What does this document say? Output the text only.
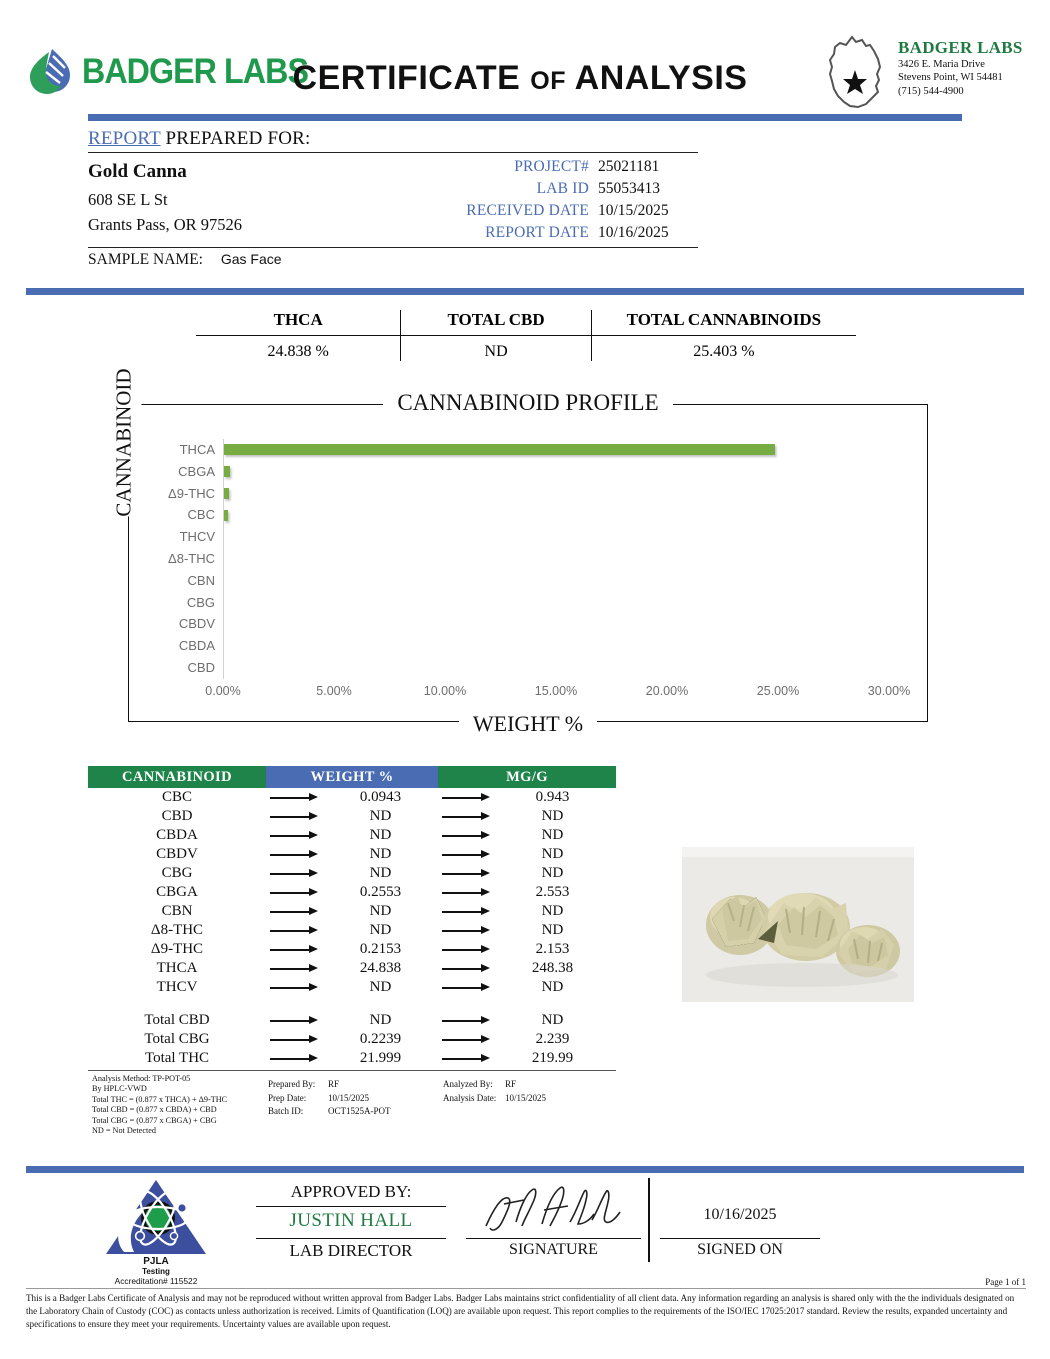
BADGER LABS
CERTIFICATE OF ANALYSIS
BADGER LABS
3426 E. Maria Drive
Stevens Point, WI 54481
(715) 544-4900
REPORT PREPARED FOR:
Gold Canna
608 SE L St
Grants Pass, OR 97526
PROJECT# 25021181
LAB ID 55053413
RECEIVED DATE 10/15/2025
REPORT DATE 10/16/2025
SAMPLE NAME: Gas Face
THCA	TOTAL CBD	TOTAL CANNABINOIDS
24.838 %	ND	25.403 %
THCA
CBGA
Δ9-THC
CBC
THCV
Δ8-THC
CBN
CBG
CBDV
CBDA
CBD
0.00%	5.00%	10.00%	15.00%	20.00%	25.00%	30.00%
CANNABINOID PROFILE
WEIGHT %
CANNABINOID
CANNABINOID	WEIGHT %	MG/G
CBC	0.0943	0.943
CBD	ND	ND
CBDA	ND	ND
CBDV	ND	ND
CBG	ND	ND
CBGA	0.2553	2.553
CBN	ND	ND
Δ8-THC	ND	ND
Δ9-THC	0.2153	2.153
THCA	24.838	248.38
THCV	ND	ND
Total CBD	ND	ND
Total CBG	0.2239	2.239
Total THC	21.999	219.99
Analysis Method: TP-POT-05
By HPLC-VWD
Total THC = (0.877 x THCA) + Δ9-THC
Total CBD = (0.877 x CBDA) + CBD
Total CBG = (0.877 x CBGA) + CBG
ND = Not Detected
Prepared By: RF
Prep Date: 10/15/2025
Batch ID:	OCT1525A-POT
Analyzed By: RF
Analysis Date: 10/15/2025
PJLA
Testing
Accreditation# 115522
APPROVED BY:
JUSTIN HALL
LAB DIRECTOR	SIGNATURE
10/16/2025
SIGNED ON
Page 1 of 1
This is a Badger Labs Certificate of Analysis and may not be reproduced without written approval from Badger Labs. Badger Labs maintains strict confidentiality of all client data. Any information regarding an analysis is shared only with the the individuals designated on the Laboratory Chain of Custody (COC) as contacts unless authorization is received. Limits of Quantification (LOQ) are available upon request. This report complies to the requirements of the ISO/IEC 17025:2017 standard. Review the results, expanded uncertainty and specifications to ensure they meet your requirements. Uncertainty values are available upon request.
